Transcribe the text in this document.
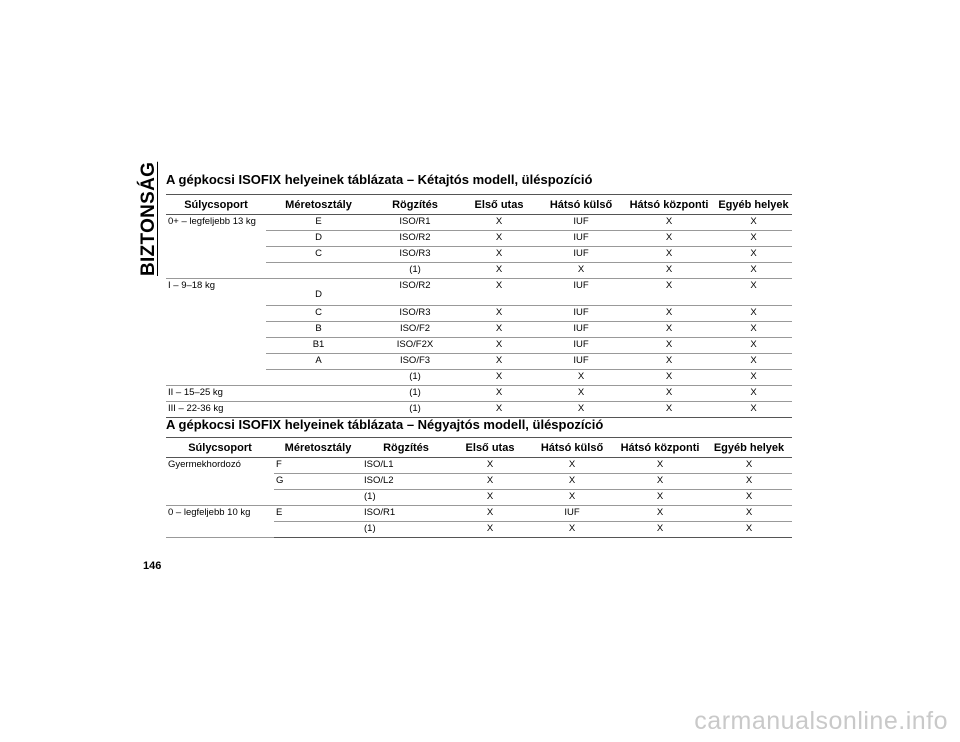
BIZTONSÁG A gépkocsi ISOFIX helyeinek táblázata – Kétajtós modell, üléspozíció
Súlycsoport	Méretosztály	Rögzítés	Első utas	Hátsó külső	Hátsó központi	Egyéb helyek
0+ – legfeljebb 13 kg	E	ISO/R1	X	IUF	X	X
	D	ISO/R2	X	IUF	X	X
	C	ISO/R3	X	IUF	X	X
		(1)	X	X	X	X
I – 9–18 kg	D	ISO/R2	X	IUF	X	X
	C	ISO/R3	X	IUF	X	X
	B	ISO/F2	X	IUF	X	X
	B1	ISO/F2X	X	IUF	X	X
	A	ISO/F3	X	IUF	X	X
		(1)	X	X	X	X
II – 15–25 kg		(1)	X	X	X	X
III – 22-36 kg		(1)	X	X	X	X
A gépkocsi ISOFIX helyeinek táblázata – Négyajtós modell, üléspozíció
Súlycsoport	Méretosztály	Rögzítés	Első utas	Hátsó külső	Hátsó központi	Egyéb helyek
Gyermekhordozó	F	ISO/L1	X	X	X	X
	G	ISO/L2	X	X	X	X
		(1)	X	X	X	X
0 – legfeljebb 10 kg	E	ISO/R1	X	IUF	X	X
		(1)	X	X	X	X
146
carmanualsonline.info
